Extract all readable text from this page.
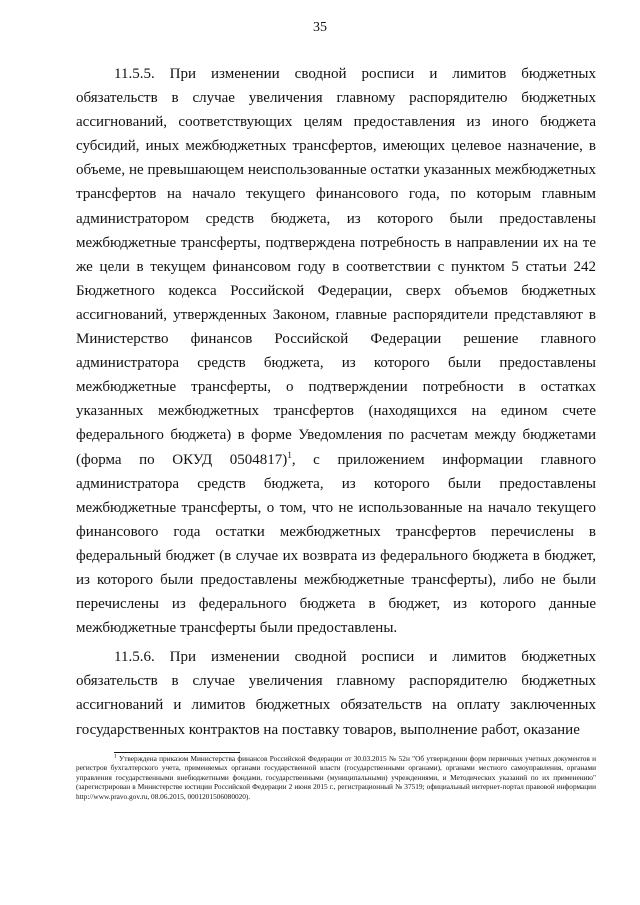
35

11.5.5. При изменении сводной росписи и лимитов бюджетных обязательств в случае увеличения главному распорядителю бюджетных ассигнований, соответствующих целям предоставления из иного бюджета субсидий, иных межбюджетных трансфертов, имеющих целевое назначение, в объеме, не превышающем неиспользованные остатки указанных межбюджетных трансфертов на начало текущего финансового года, по которым главным администратором средств бюджета, из которого были предоставлены межбюджетные трансферты, подтверждена потребность в направлении их на те же цели в текущем финансовом году в соответствии с пунктом 5 статьи 242 Бюджетного кодекса Российской Федерации, сверх объемов бюджетных ассигнований, утвержденных Законом, главные распорядители представляют в Министерство финансов Российской Федерации решение главного администратора средств бюджета, из которого были предоставлены межбюджетные трансферты, о подтверждении потребности в остатках указанных межбюджетных трансфертов (находящихся на едином счете федерального бюджета) в форме Уведомления по расчетам между бюджетами (форма по ОКУД 0504817)$^1$, с приложением информации главного администратора средств бюджета, из которого были предоставлены межбюджетные трансферты, о том, что не использованные на начало текущего финансового года остатки межбюджетных трансфертов перечислены в федеральный бюджет (в случае их возврата из федерального бюджета в бюджет, из которого были предоставлены межбюджетные трансферты), либо не были перечислены из федерального бюджета в бюджет, из которого данные межбюджетные трансферты были предоставлены.

11.5.6. При изменении сводной росписи и лимитов бюджетных обязательств в случае увеличения главному распорядителю бюджетных ассигнований и лимитов бюджетных обязательств на оплату заключенных государственных контрактов на поставку товаров, выполнение работ, оказание

$^1$ Утверждена приказом Министерства финансов Российской Федерации от 30.03.2015 № 52н "Об утверждении форм первичных учетных документов и регистров бухгалтерского учета, применяемых органами государственной власти (государственными органами), органами местного самоуправления, органами управления государственными внебюджетными фондами, государственными (муниципальными) учреждениями, и Методических указаний по их применению" (зарегистрирован в Министерстве юстиции Российской Федерации 2 июня 2015 г., регистрационный № 37519; официальный интернет-портал правовой информации http://www.pravo.gov.ru, 08.06.2015, 0001201506080020).
